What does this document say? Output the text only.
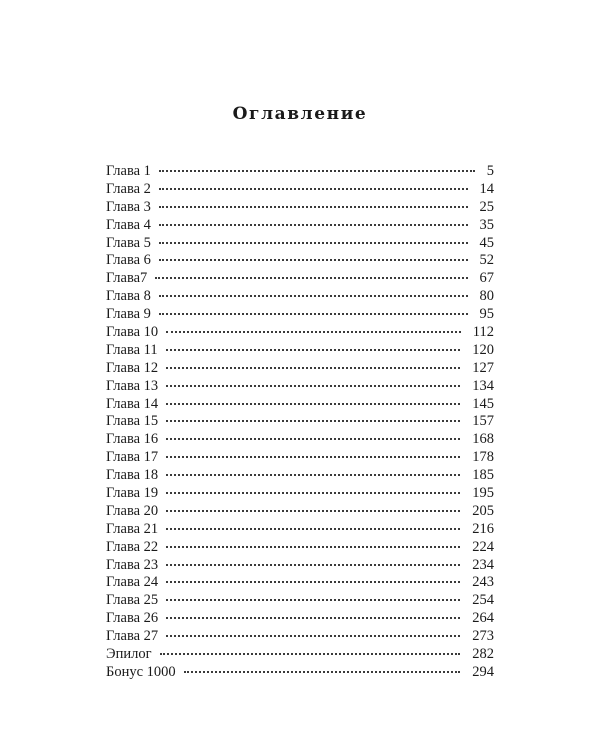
Оглавление
Глава 1	5
Глава 2	14
Глава 3	25
Глава 4	35
Глава 5	45
Глава 6	52
Глава7	67
Глава 8	80
Глава 9	95
Глава 10	112
Глава 11	120
Глава 12	127
Глава 13	134
Глава 14	145
Глава 15	157
Глава 16	168
Глава 17	178
Глава 18	185
Глава 19	195
Глава 20	205
Глава 21	216
Глава 22	224
Глава 23	234
Глава 24	243
Глава 25	254
Глава 26	264
Глава 27	273
Эпилог	282
Бонус 1000	294
